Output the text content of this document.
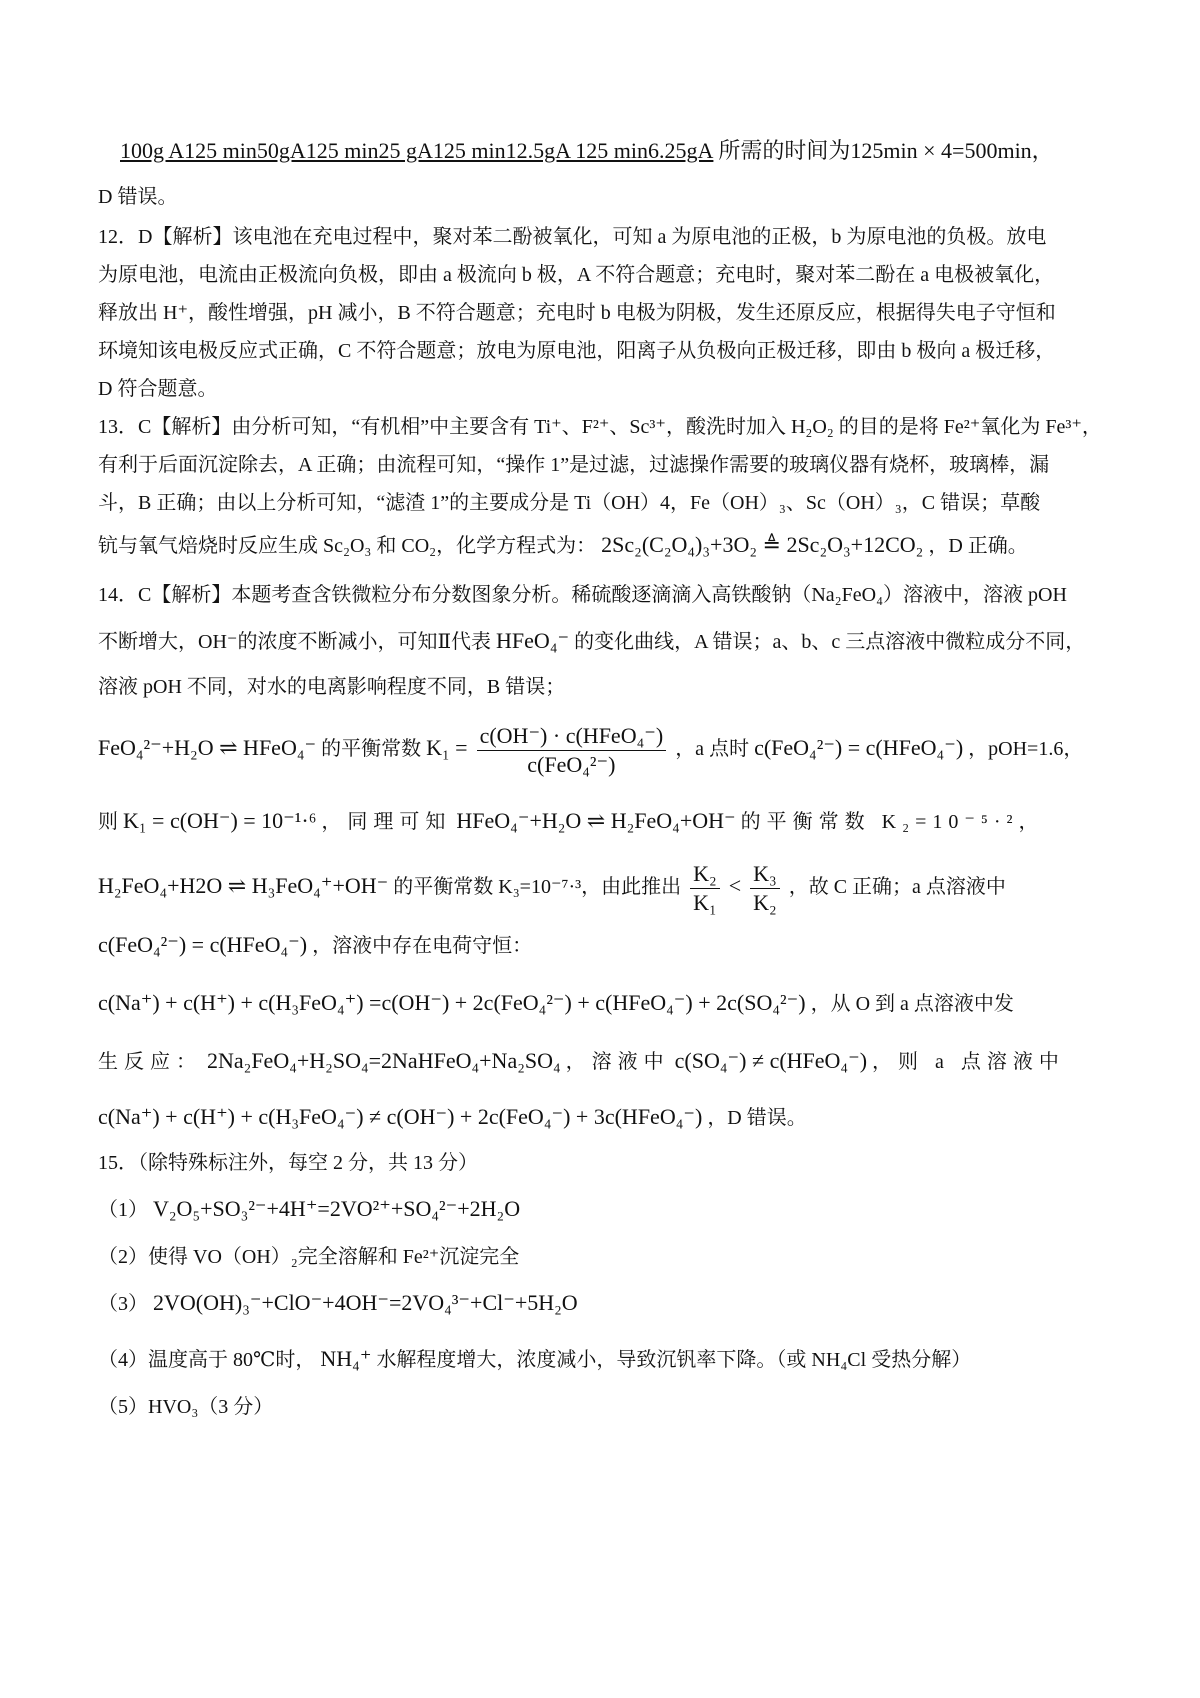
100g A125 min50gA125 min25 gA125 min12.5gA 125 min6.25gA 所需的时间为125min × 4=500min，
D 错误。
12．D【解析】该电池在充电过程中，聚对苯二酚被氧化，可知 a 为原电池的正极，b 为原电池的负极。放电
为原电池，电流由正极流向负极，即由 a 极流向 b 极，A 不符合题意；充电时，聚对苯二酚在 a 电极被氧化，
释放出 H⁺，酸性增强，pH 减小，B 不符合题意；充电时 b 电极为阴极，发生还原反应，根据得失电子守恒和
环境知该电极反应式正确，C 不符合题意；放电为原电池，阳离子从负极向正极迁移，即由 b 极向 a 极迁移，
D 符合题意。
13．C【解析】由分析可知，“有机相”中主要含有 Ti⁺、F²⁺、Sc³⁺，酸洗时加入 H₂O₂ 的目的是将 Fe²⁺氧化为 Fe³⁺，
有利于后面沉淀除去，A 正确；由流程可知，“操作 1”是过滤，过滤操作需要的玻璃仪器有烧杯，玻璃棒，漏
斗，B 正确；由以上分析可知，“滤渣 1”的主要成分是 Ti（OH）4，Fe（OH）₃、Sc（OH）₃，C 错误；草酸
钪与氧气焙烧时反应生成 Sc₂O₃ 和 CO₂，化学方程式为： 2Sc₂(C₂O₄)₃+3O₂ ≜ 2Sc₂O₃+12CO₂ ，D 正确。
14．C【解析】本题考查含铁微粒分布分数图象分析。稀硫酸逐滴滴入高铁酸钠（Na₂FeO₄）溶液中，溶液 pOH
不断增大，OH⁻的浓度不断减小，可知Ⅱ代表 HFeO₄⁻ 的变化曲线，A 错误；a、b、c 三点溶液中微粒成分不同，
溶液 pOH 不同，对水的电离影响程度不同，B 错误；
FeO₄²⁻+H₂O ⇌ HFeO₄⁻ 的平衡常数 K₁ = c(OH⁻) · c(HFeO₄⁻)
c(FeO₄²⁻)
，a 点时 c(FeO₄²⁻) = c(HFeO₄⁻) ，pOH=1.6，
则 K₁ = c(OH⁻) = 10⁻¹·⁶ ，同理可知 HFeO₄⁻+H₂O ⇌ H₂FeO₄+OH⁻ 的平衡常数 K₂=10⁻⁵·²，
H₂FeO₄+H2O ⇌ H₃FeO₄⁺+OH⁻ 的平衡常数 K₃=10⁻⁷·³，由此推出 $\frac{\text{K₂}}{\text{K₁}} < \frac{\text{K₃}}{\text{K₂}}$ ，故 C 正确；a 点溶液中
c(FeO₄²⁻) = c(HFeO₄⁻) ，溶液中存在电荷守恒：
c(Na⁺) + c(H⁺) + c(H₃FeO₄⁺) =c(OH⁻) + 2c(FeO₄²⁻) + c(HFeO₄⁻) + 2c(SO₄²⁻) ，从 O 到 a 点溶液中发
生反应： 2Na₂FeO₄+H₂SO₄=2NaHFeO₄+Na₂SO₄ ，溶液中 c(SO₄⁻) ≠ c(HFeO₄⁻) ，则 a 点溶液中
c(Na⁺) + c(H⁺) + c(H₃FeO₄⁻) ≠ c(OH⁻) + 2c(FeO₄⁻) + 3c(HFeO₄⁻) ，D 错误。
15．（除特殊标注外，每空 2 分，共 13 分）
（1） V₂O₅+SO₃²⁻+4H⁺=2VO²⁺+SO₄²⁻+2H₂O
（2）使得 VO（OH）₂完全溶解和 Fe²⁺沉淀完全
（3） 2VO(OH)₃⁻+ClO⁻+4OH⁻=2VO₄³⁻+Cl⁻+5H₂O
（4）温度高于 80℃时， NH₄⁺ 水解程度增大，浓度减小，导致沉钒率下降。（或 NH₄Cl 受热分解）
（5）HVO₃（3 分）
